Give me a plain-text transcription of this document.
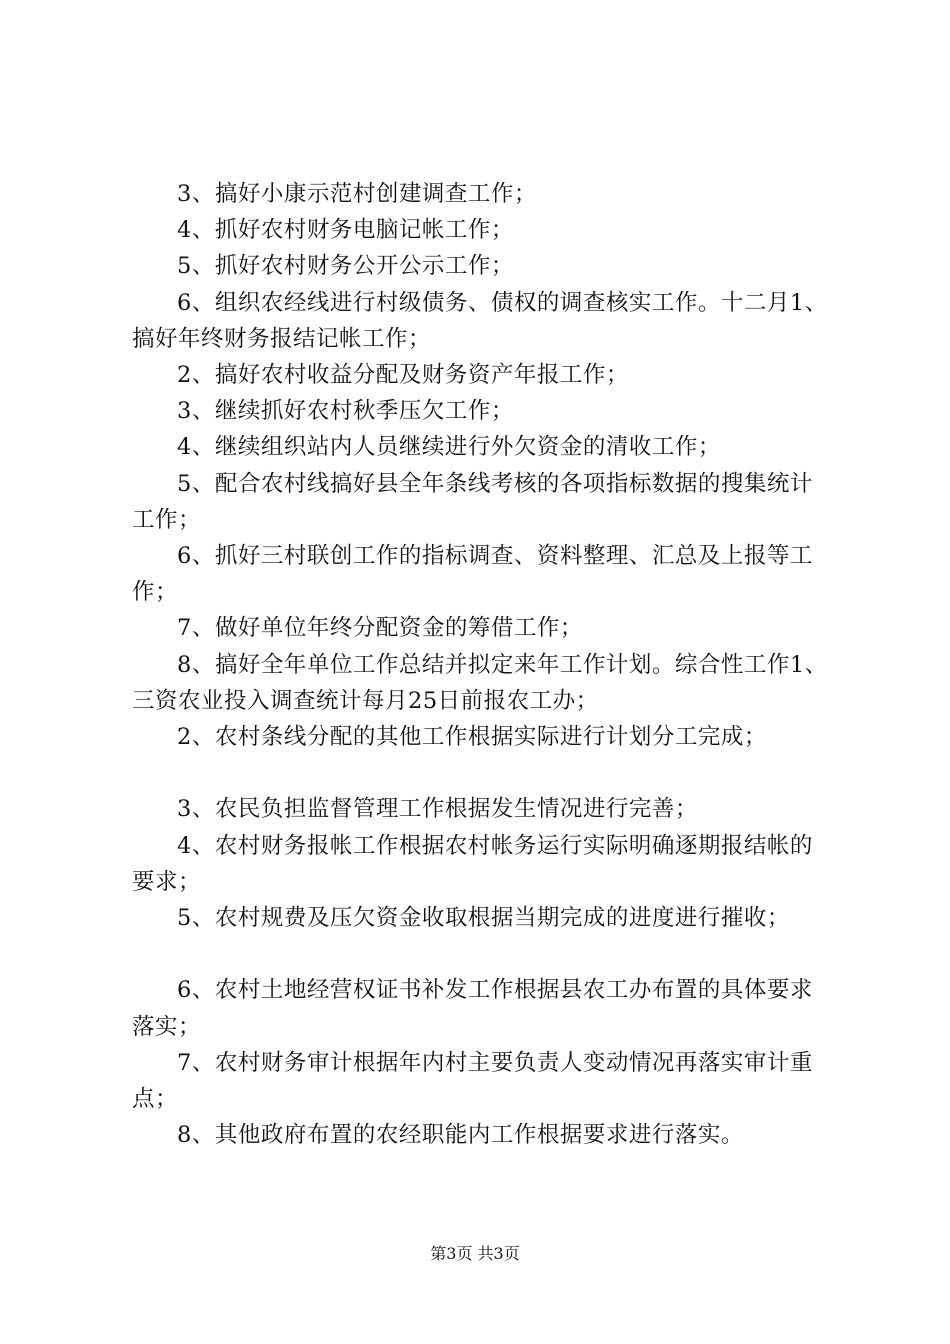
3、搞好小康示范村创建调查工作；

4、抓好农村财务电脑记帐工作；

5、抓好农村财务公开公示工作；

6、组织农经线进行村级债务、债权的调查核实工作。十二月1、搞好年终财务报结记帐工作；

2、搞好农村收益分配及财务资产年报工作；

3、继续抓好农村秋季压欠工作；

4、继续组织站内人员继续进行外欠资金的清收工作；

5、配合农村线搞好县全年条线考核的各项指标数据的搜集统计工作；

6、抓好三村联创工作的指标调查、资料整理、汇总及上报等工作；

7、做好单位年终分配资金的筹借工作；

8、搞好全年单位工作总结并拟定来年工作计划。综合性工作1、三资农业投入调查统计每月25日前报农工办；

2、农村条线分配的其他工作根据实际进行计划分工完成；

3、农民负担监督管理工作根据发生情况进行完善；

4、农村财务报帐工作根据农村帐务运行实际明确逐期报结帐的要求；

5、农村规费及压欠资金收取根据当期完成的进度进行摧收；

6、农村土地经营权证书补发工作根据县农工办布置的具体要求落实；

7、农村财务审计根据年内村主要负责人变动情况再落实审计重点；

8、其他政府布置的农经职能内工作根据要求进行落实。

第3页 共3页
